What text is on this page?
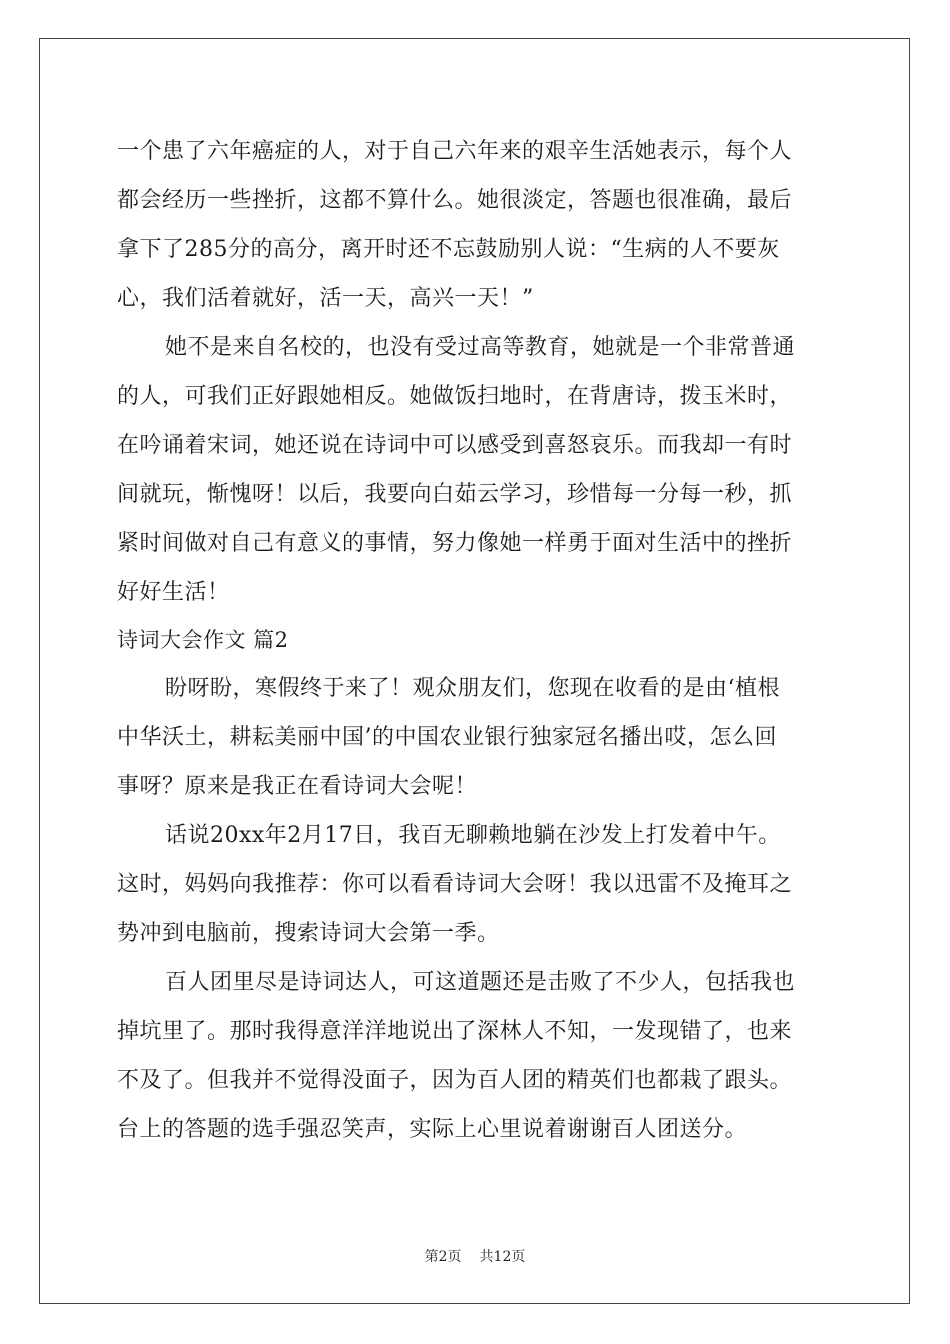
一个患了六年癌症的人，对于自己六年来的艰辛生活她表示，每个人
都会经历一些挫折，这都不算什么。她很淡定，答题也很准确，最后
拿下了285分的高分，离开时还不忘鼓励别人说：“生病的人不要灰
心，我们活着就好，活一天，高兴一天！”
她不是来自名校的，也没有受过高等教育，她就是一个非常普通
的人，可我们正好跟她相反。她做饭扫地时，在背唐诗，拨玉米时，
在吟诵着宋词，她还说在诗词中可以感受到喜怒哀乐。而我却一有时
间就玩，惭愧呀！以后，我要向白茹云学习，珍惜每一分每一秒，抓
紧时间做对自己有意义的事情，努力像她一样勇于面对生活中的挫折
好好生活！
诗词大会作文 篇2
盼呀盼，寒假终于来了！观众朋友们，您现在收看的是由‘植根
中华沃土，耕耘美丽中国’的中国农业银行独家冠名播出哎，怎么回
事呀？原来是我正在看诗词大会呢！
话说20xx年2月17日，我百无聊赖地躺在沙发上打发着中午。
这时，妈妈向我推荐：你可以看看诗词大会呀！我以迅雷不及掩耳之
势冲到电脑前，搜索诗词大会第一季。
百人团里尽是诗词达人，可这道题还是击败了不少人，包括我也
掉坑里了。那时我得意洋洋地说出了深林人不知，一发现错了，也来
不及了。但我并不觉得没面子，因为百人团的精英们也都栽了跟头。
台上的答题的选手强忍笑声，实际上心里说着谢谢百人团送分。
第2页 共12页
